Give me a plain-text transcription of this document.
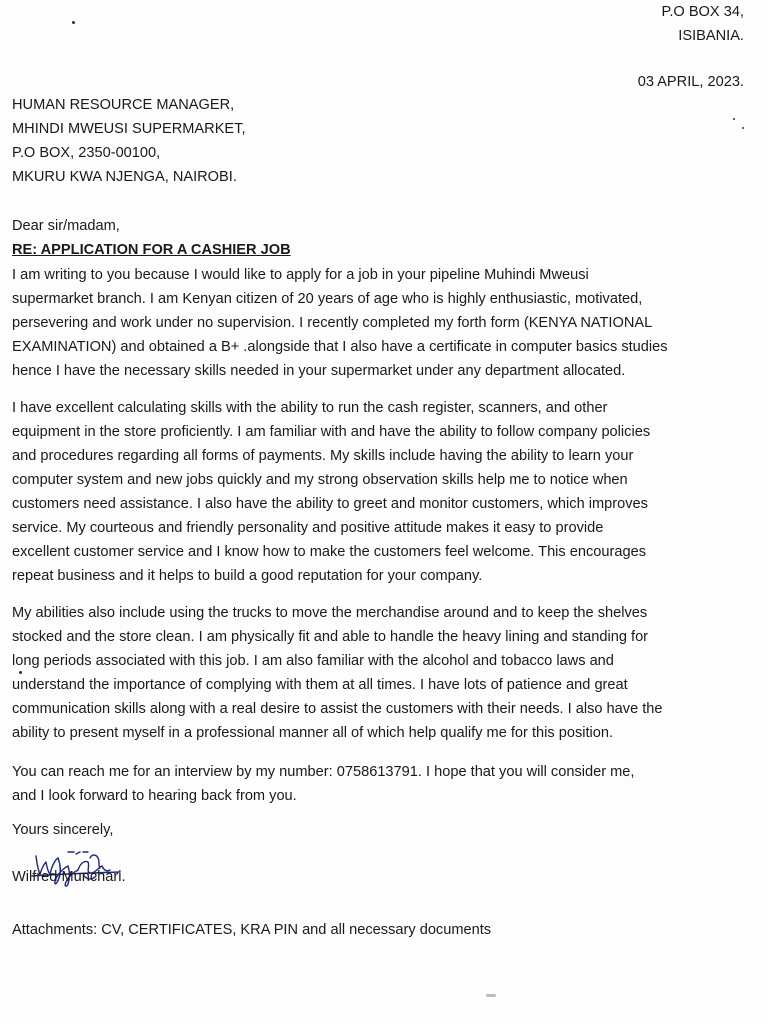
P.O BOX 34,
ISIBANIA.
03 APRIL, 2023.
HUMAN RESOURCE MANAGER,
MHINDI MWEUSI SUPERMARKET,
P.O BOX, 2350-00100,
MKURU KWA NJENGA, NAIROBI.
Dear sir/madam,
RE: APPLICATION FOR A CASHIER JOB
I am writing to you because I would like to apply for a job in your pipeline Muhindi Mweusi
supermarket branch. I am Kenyan citizen of 20 years of age who is highly enthusiastic, motivated,
persevering and work under no supervision. I recently completed my forth form (KENYA NATIONAL
EXAMINATION) and obtained a B+ .alongside that I also have a certificate in computer basics studies
hence I have the necessary skills needed in your supermarket under any department allocated.
I have excellent calculating skills with the ability to run the cash register, scanners, and other
equipment in the store proficiently. I am familiar with and have the ability to follow company policies
and procedures regarding all forms of payments. My skills include having the ability to learn your
computer system and new jobs quickly and my strong observation skills help me to notice when
customers need assistance. I also have the ability to greet and monitor customers, which improves
service. My courteous and friendly personality and positive attitude makes it easy to provide
excellent customer service and I know how to make the customers feel welcome. This encourages
repeat business and it helps to build a good reputation for your company.
My abilities also include using the trucks to move the merchandise around and to keep the shelves
stocked and the store clean. I am physically fit and able to handle the heavy lining and standing for
long periods associated with this job. I am also familiar with the alcohol and tobacco laws and
understand the importance of complying with them at all times. I have lots of patience and great
communication skills along with a real desire to assist the customers with their needs. I also have the
ability to present myself in a professional manner all of which help qualify me for this position.
You can reach me for an interview by my number: 0758613791. I hope that you will consider me,
and I look forward to hearing back from you.
Yours sincerely,
Wilfred Munchari.
Attachments: CV, CERTIFICATES, KRA PIN and all necessary documents
